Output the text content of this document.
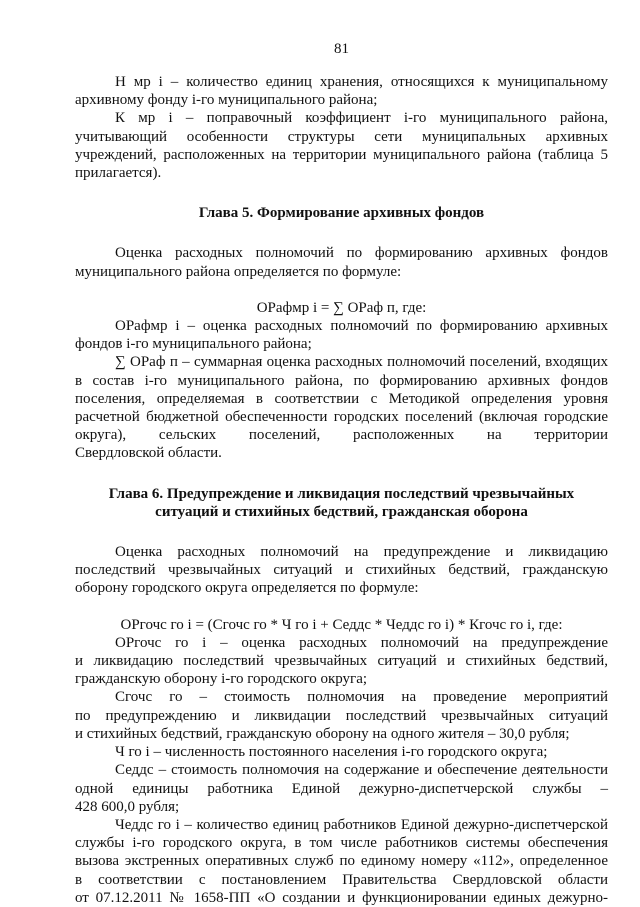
81

Н мр i – количество единиц хранения, относящихся к муниципальному

архивному фонду i-го муниципального района;

К мр i – поправочный коэффициент i-го муниципального района,

учитывающий особенности структуры сети муниципальных архивных

учреждений, расположенных на территории муниципального района (таблица 5

прилагается).

Глава 5. Формирование архивных фондов

Оценка расходных полномочий по формированию архивных фондов

муниципального района определяется по формуле:

ОРафмр i = ∑ ОРаф п, где:

ОРафмр i – оценка расходных полномочий по формированию архивных

фондов i-го муниципального района;

∑ ОРаф п – суммарная оценка расходных полномочий поселений, входящих

в состав i-го муниципального района, по формированию архивных фондов

поселения, определяемая в соответствии с Методикой определения уровня

расчетной бюджетной обеспеченности городских поселений (включая городские

округа), сельских поселений, расположенных на территории

Свердловской области.

Глава 6. Предупреждение и ликвидация последствий чрезвычайных

ситуаций и стихийных бедствий, гражданская оборона

Оценка расходных полномочий на предупреждение и ликвидацию

последствий чрезвычайных ситуаций и стихийных бедствий, гражданскую

оборону городского округа определяется по формуле:

ОРгочс го i = (Сгочс го * Ч го i + Седдс * Чеддс го i) * Кгочс го i, где:

ОРгочс го i – оценка расходных полномочий на предупреждение

и ликвидацию последствий чрезвычайных ситуаций и стихийных бедствий,

гражданскую оборону i-го городского округа;

Сгочс го – стоимость полномочия на проведение мероприятий

по предупреждению и ликвидации последствий чрезвычайных ситуаций

и стихийных бедствий, гражданскую оборону на одного жителя – 30,0 рубля;

Ч го i – численность постоянного населения i-го городского округа;

Седдс – стоимость полномочия на содержание и обеспечение деятельности

одной единицы работника Единой дежурно-диспетчерской службы –

428 600,0 рубля;

Чеддс го i – количество единиц работников Единой дежурно-диспетчерской

службы i-го городского округа, в том числе работников системы обеспечения

вызова экстренных оперативных служб по единому номеру «112», определенное

в соответствии с постановлением Правительства Свердловской области

от 07.12.2011 № 1658-ПП «О создании и функционировании единых дежурно-
